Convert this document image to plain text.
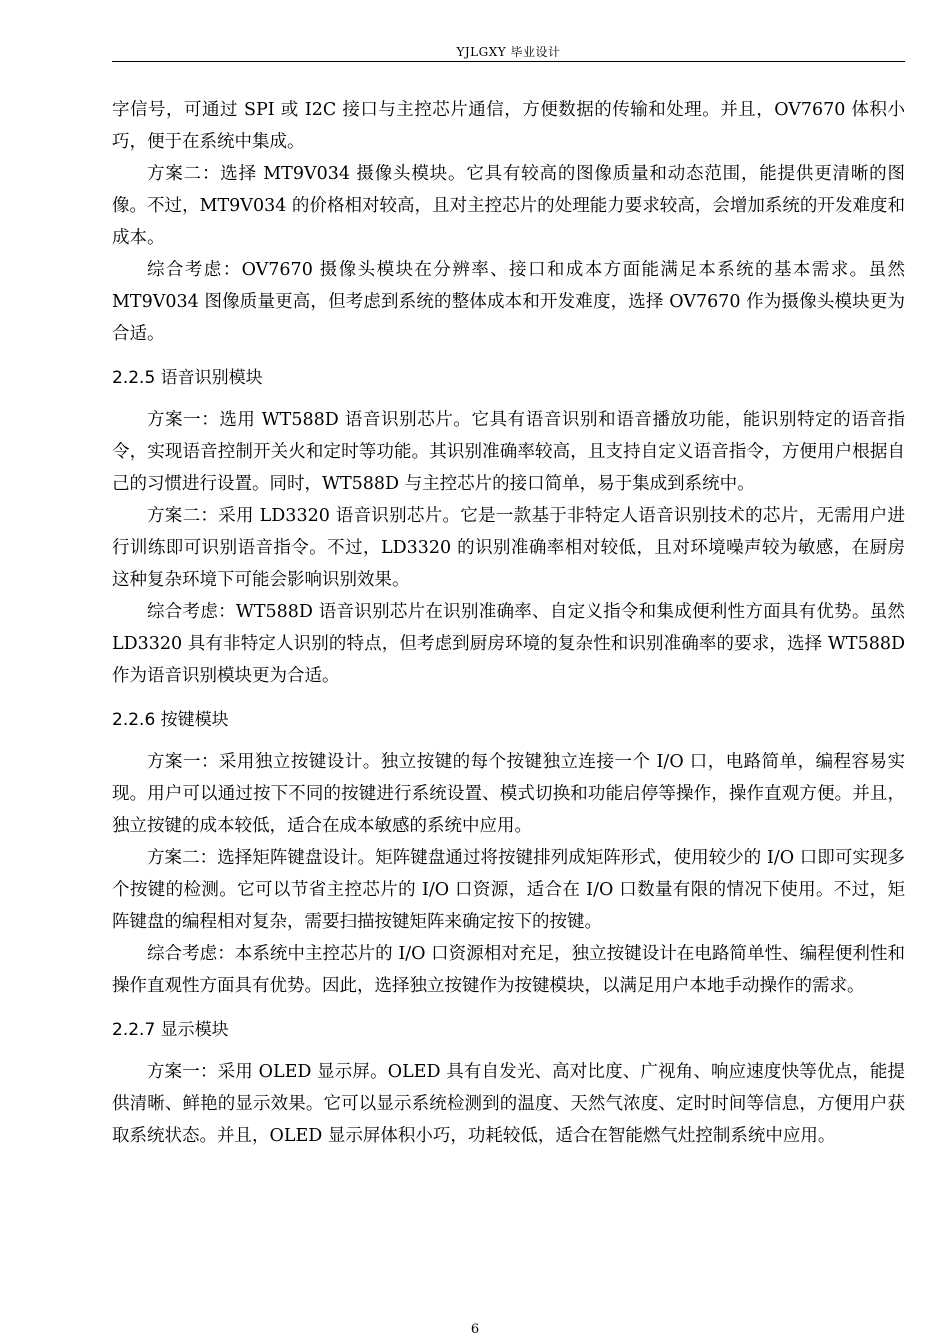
YJLGXY 毕业设计

字信号，可通过 SPI 或 I2C 接口与主控芯片通信，方便数据的传输和处理。并且，OV7670 体积小巧，便于在系统中集成。

方案二：选择 MT9V034 摄像头模块。它具有较高的图像质量和动态范围，能提供更清晰的图像。不过，MT9V034 的价格相对较高，且对主控芯片的处理能力要求较高，会增加系统的开发难度和成本。

综合考虑：OV7670 摄像头模块在分辨率、接口和成本方面能满足本系统的基本需求。虽然 MT9V034 图像质量更高，但考虑到系统的整体成本和开发难度，选择 OV7670 作为摄像头模块更为合适。

2.2.5 语音识别模块

方案一：选用 WT588D 语音识别芯片。它具有语音识别和语音播放功能，能识别特定的语音指令，实现语音控制开关火和定时等功能。其识别准确率较高，且支持自定义语音指令，方便用户根据自己的习惯进行设置。同时，WT588D 与主控芯片的接口简单，易于集成到系统中。

方案二：采用 LD3320 语音识别芯片。它是一款基于非特定人语音识别技术的芯片，无需用户进行训练即可识别语音指令。不过，LD3320 的识别准确率相对较低，且对环境噪声较为敏感，在厨房这种复杂环境下可能会影响识别效果。

综合考虑：WT588D 语音识别芯片在识别准确率、自定义指令和集成便利性方面具有优势。虽然 LD3320 具有非特定人识别的特点，但考虑到厨房环境的复杂性和识别准确率的要求，选择 WT588D 作为语音识别模块更为合适。

2.2.6 按键模块

方案一：采用独立按键设计。独立按键的每个按键独立连接一个 I/O 口，电路简单，编程容易实现。用户可以通过按下不同的按键进行系统设置、模式切换和功能启停等操作，操作直观方便。并且，独立按键的成本较低，适合在成本敏感的系统中应用。

方案二：选择矩阵键盘设计。矩阵键盘通过将按键排列成矩阵形式，使用较少的 I/O 口即可实现多个按键的检测。它可以节省主控芯片的 I/O 口资源，适合在 I/O 口数量有限的情况下使用。不过，矩阵键盘的编程相对复杂，需要扫描按键矩阵来确定按下的按键。

综合考虑：本系统中主控芯片的 I/O 口资源相对充足，独立按键设计在电路简单性、编程便利性和操作直观性方面具有优势。因此，选择独立按键作为按键模块，以满足用户本地手动操作的需求。

2.2.7 显示模块

方案一：采用 OLED 显示屏。OLED 具有自发光、高对比度、广视角、响应速度快等优点，能提供清晰、鲜艳的显示效果。它可以显示系统检测到的温度、天然气浓度、定时时间等信息，方便用户获取系统状态。并且，OLED 显示屏体积小巧，功耗较低，适合在智能燃气灶控制系统中应用。

6
